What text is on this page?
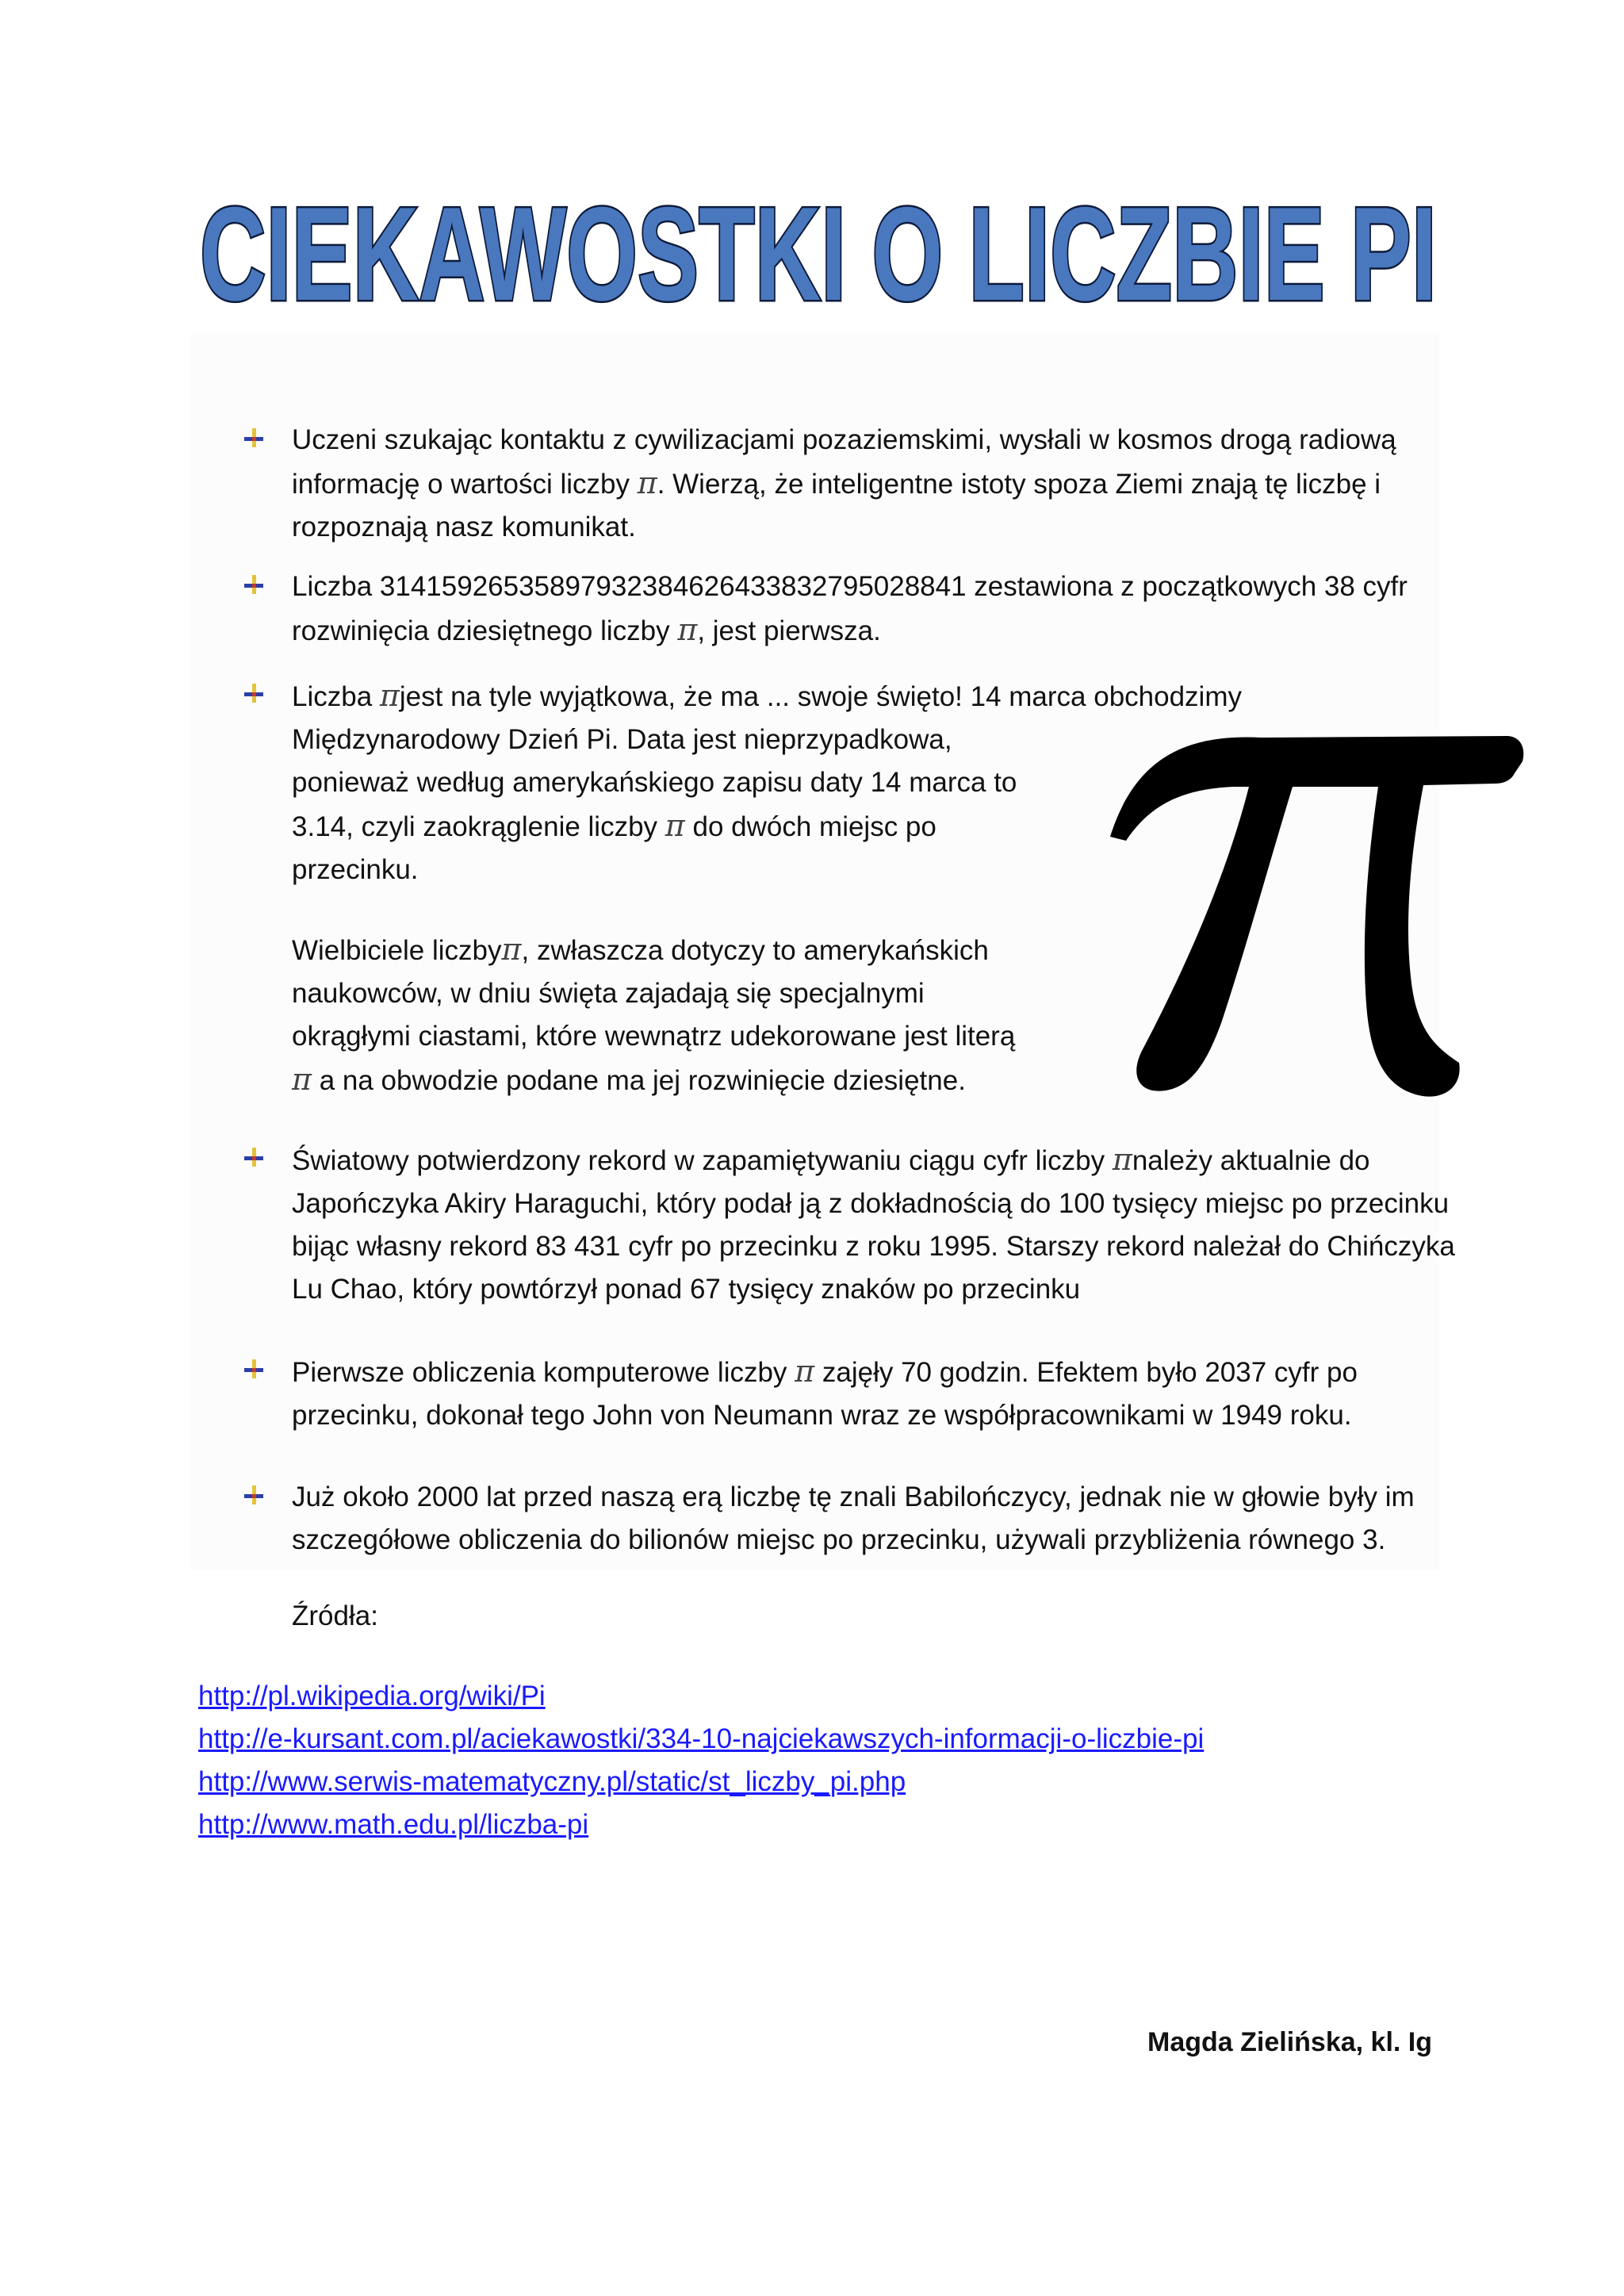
CIEKAWOSTKI O LICZBIE PI
Uczeni szukając kontaktu z cywilizacjami pozaziemskimi, wysłali w kosmos drogą radiową
informację o wartości liczby π. Wierzą, że inteligentne istoty spoza Ziemi znają tę liczbę i
rozpoznają nasz komunikat.
Liczba 31415926535897932384626433832795028841 zestawiona z początkowych 38 cyfr
rozwinięcia dziesiętnego liczby π, jest pierwsza.
Liczba πjest na tyle wyjątkowa, że ma ... swoje święto! 14 marca obchodzimy
Międzynarodowy Dzień Pi. Data jest nieprzypadkowa,
ponieważ według amerykańskiego zapisu daty 14 marca to
3.14, czyli zaokrąglenie liczby π do dwóch miejsc po
przecinku.
Wielbiciele liczbyπ, zwłaszcza dotyczy to amerykańskich
naukowców, w dniu święta zajadają się specjalnymi
okrągłymi ciastami, które wewnątrz udekorowane jest literą
π a na obwodzie podane ma jej rozwinięcie dziesiętne.
Światowy potwierdzony rekord w zapamiętywaniu ciągu cyfr liczby πnależy aktualnie do
Japończyka Akiry Haraguchi, który podał ją z dokładnością do 100 tysięcy miejsc po przecinku
bijąc własny rekord 83 431 cyfr po przecinku z roku 1995. Starszy rekord należał do Chińczyka
Lu Chao, który powtórzył ponad 67 tysięcy znaków po przecinku
Pierwsze obliczenia komputerowe liczby π zajęły 70 godzin. Efektem było 2037 cyfr po
przecinku, dokonał tego John von Neumann wraz ze współpracownikami w 1949 roku.
Już około 2000 lat przed naszą erą liczbę tę znali Babilończycy, jednak nie w głowie były im
szczegółowe obliczenia do bilionów miejsc po przecinku, używali przybliżenia równego 3.
Źródła:
http://pl.wikipedia.org/wiki/Pi
http://e-kursant.com.pl/aciekawostki/334-10-najciekawszych-informacji-o-liczbie-pi
http://www.serwis-matematyczny.pl/static/st_liczby_pi.php
http://www.math.edu.pl/liczba-pi
Magda Zielińska, kl. Ig
